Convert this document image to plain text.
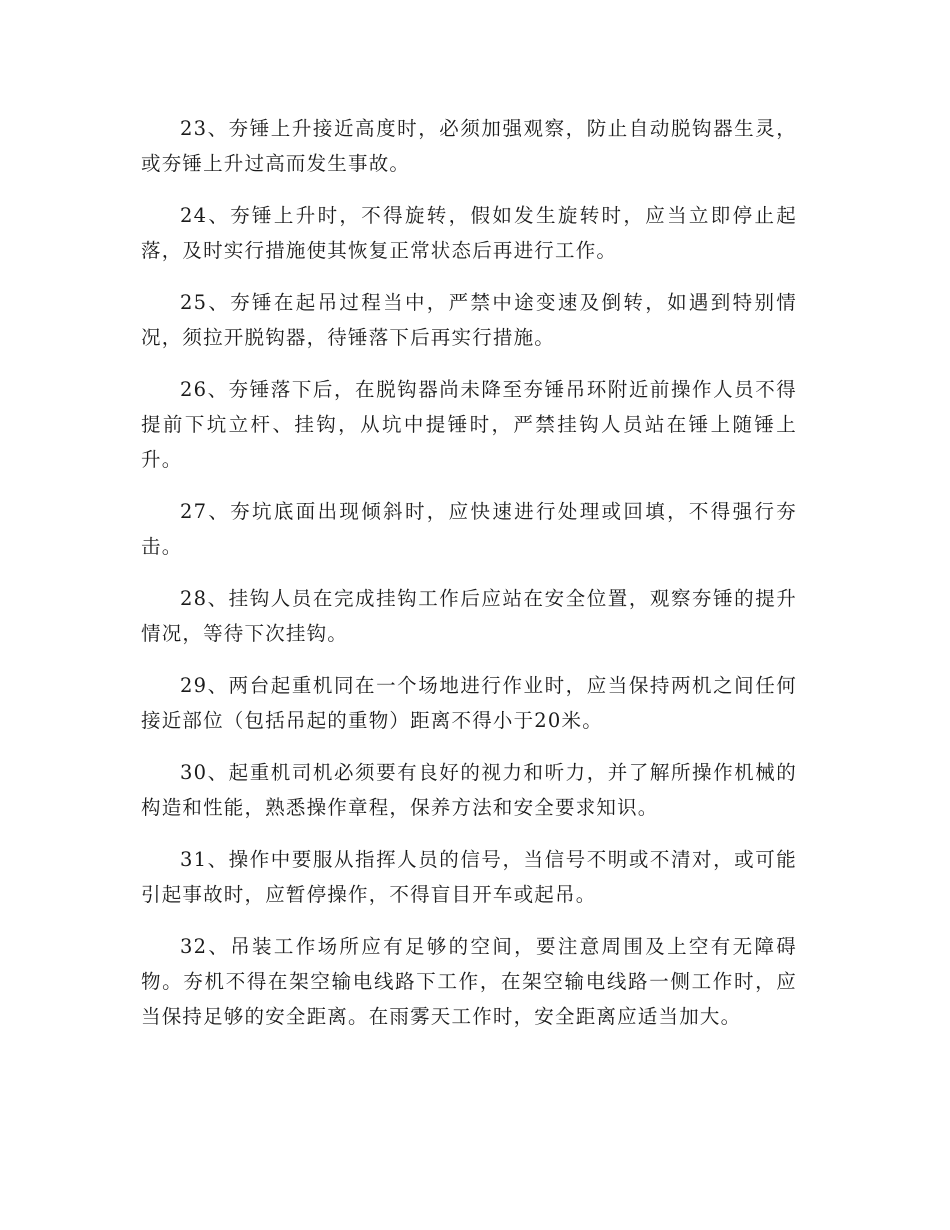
23、夯锤上升接近高度时，必须加强观察，防止自动脱钩器生灵，或夯锤上升过高而发生事故。

24、夯锤上升时，不得旋转，假如发生旋转时，应当立即停止起落，及时实行措施使其恢复正常状态后再进行工作。

25、夯锤在起吊过程当中，严禁中途变速及倒转，如遇到特别情况，须拉开脱钩器，待锤落下后再实行措施。

26、夯锤落下后，在脱钩器尚未降至夯锤吊环附近前操作人员不得提前下坑立杆、挂钩，从坑中提锤时，严禁挂钩人员站在锤上随锤上升。

27、夯坑底面出现倾斜时，应快速进行处理或回填，不得强行夯击。

28、挂钩人员在完成挂钩工作后应站在安全位置，观察夯锤的提升情况，等待下次挂钩。

29、两台起重机同在一个场地进行作业时，应当保持两机之间任何接近部位（包括吊起的重物）距离不得小于20米。

30、起重机司机必须要有良好的视力和听力，并了解所操作机械的构造和性能，熟悉操作章程，保养方法和安全要求知识。

31、操作中要服从指挥人员的信号，当信号不明或不清对，或可能引起事故时，应暂停操作，不得盲目开车或起吊。

32、吊装工作场所应有足够的空间，要注意周围及上空有无障碍物。夯机不得在架空输电线路下工作，在架空输电线路一侧工作时，应当保持足够的安全距离。在雨雾天工作时，安全距离应适当加大。
